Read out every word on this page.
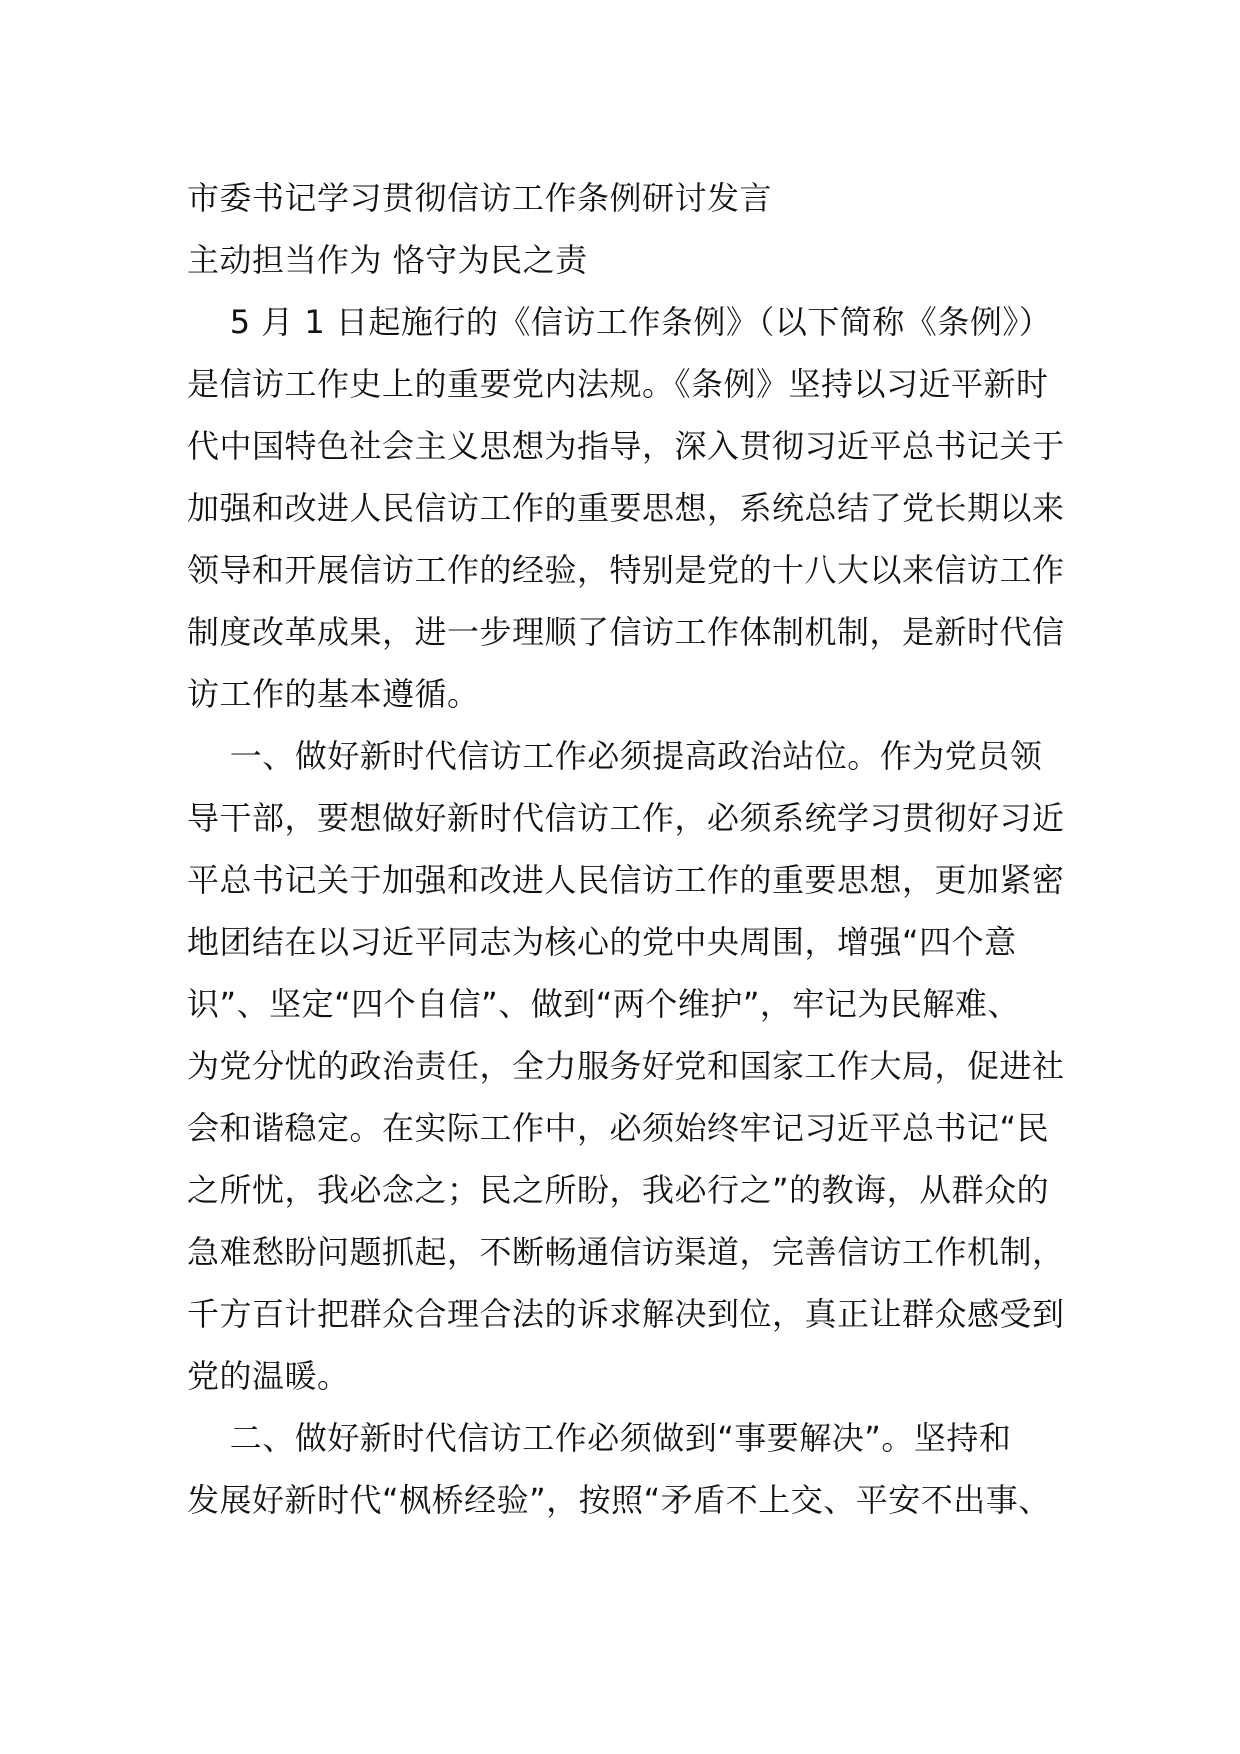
市委书记学习贯彻信访工作条例研讨发言
主动担当作为 恪守为民之责
5 月 1 日起施行的《信访工作条例》（以下简称《条例》）
是信访工作史上的重要党内法规。《条例》坚持以习近平新时
代中国特色社会主义思想为指导，深入贯彻习近平总书记关于
加强和改进人民信访工作的重要思想，系统总结了党长期以来
领导和开展信访工作的经验，特别是党的十八大以来信访工作
制度改革成果，进一步理顺了信访工作体制机制，是新时代信
访工作的基本遵循。
一、做好新时代信访工作必须提高政治站位。作为党员领
导干部，要想做好新时代信访工作，必须系统学习贯彻好习近
平总书记关于加强和改进人民信访工作的重要思想，更加紧密
地团结在以习近平同志为核心的党中央周围，增强“四个意
识”、坚定“四个自信”、做到“两个维护”，牢记为民解难、
为党分忧的政治责任，全力服务好党和国家工作大局，促进社
会和谐稳定。在实际工作中，必须始终牢记习近平总书记“民
之所忧，我必念之；民之所盼，我必行之”的教诲，从群众的
急难愁盼问题抓起，不断畅通信访渠道，完善信访工作机制，
千方百计把群众合理合法的诉求解决到位，真正让群众感受到
党的温暖。
二、做好新时代信访工作必须做到“事要解决”。坚持和
发展好新时代“枫桥经验”，按照“矛盾不上交、平安不出事、
